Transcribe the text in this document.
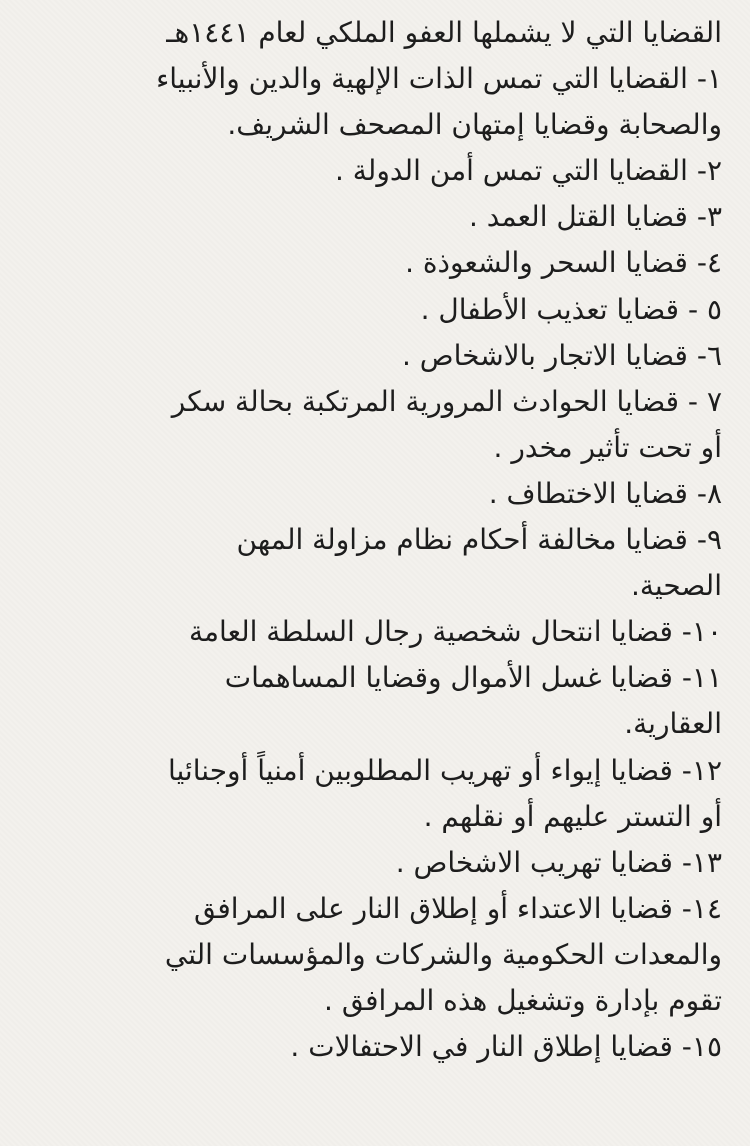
القضايا التي لا يشملها العفو الملكي لعام ١٤٤١هـ
١- القضايا التي تمس الذات الإلهية والدين والأنبياء
والصحابة وقضايا إمتهان المصحف الشريف.
٢- القضايا التي تمس أمن الدولة .
٣- قضايا القتل العمد .
٤- قضايا السحر والشعوذة .
٥ - قضايا تعذيب الأطفال .
٦- قضايا الاتجار بالاشخاص .
٧ - قضايا الحوادث المرورية المرتكبة بحالة سكر
أو تحت تأثير مخدر .
٨- قضايا الاختطاف .
٩- قضايا مخالفة أحكام نظام مزاولة المهن
الصحية.
١٠- قضايا انتحال شخصية رجال السلطة العامة
١١- قضايا غسل الأموال وقضايا المساهمات
العقارية.
١٢- قضايا إيواء أو تهريب المطلوبين أمنياً أوجنائيا
أو التستر عليهم أو نقلهم .
١٣- قضايا تهريب الاشخاص .
١٤- قضايا الاعتداء أو إطلاق النار على المرافق
والمعدات الحكومية والشركات والمؤسسات التي
تقوم بإدارة وتشغيل هذه المرافق .
١٥- قضايا إطلاق النار في الاحتفالات .
